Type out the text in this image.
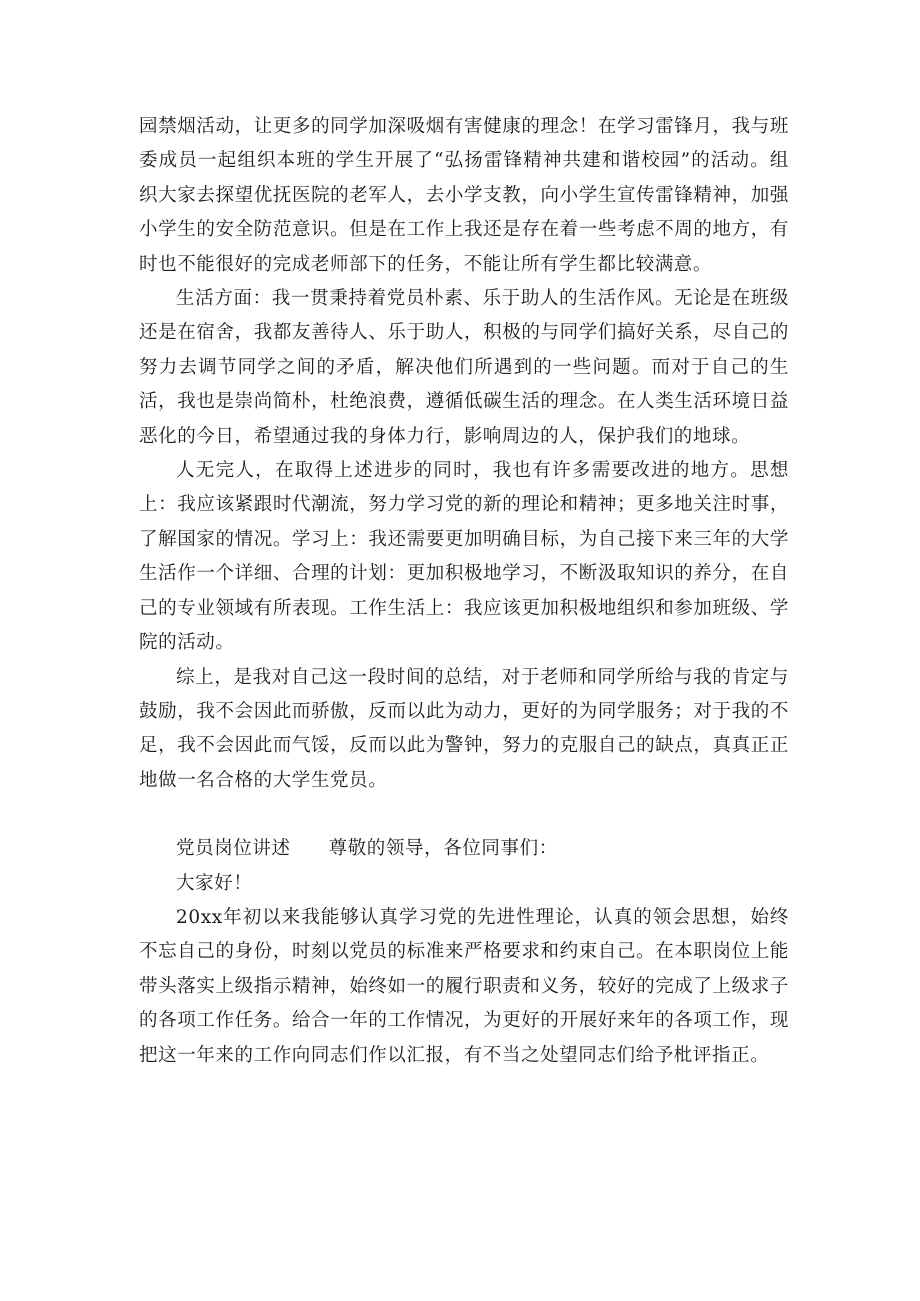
园禁烟活动，让更多的同学加深吸烟有害健康的理念！在学习雷锋月，我与班委成员一起组织本班的学生开展了“弘扬雷锋精神共建和谐校园”的活动。组织大家去探望优抚医院的老军人，去小学支教，向小学生宣传雷锋精神，加强小学生的安全防范意识。但是在工作上我还是存在着一些考虑不周的地方，有时也不能很好的完成老师部下的任务，不能让所有学生都比较满意。

生活方面：我一贯秉持着党员朴素、乐于助人的生活作风。无论是在班级还是在宿舍，我都友善待人、乐于助人，积极的与同学们搞好关系，尽自己的努力去调节同学之间的矛盾，解决他们所遇到的一些问题。而对于自己的生活，我也是崇尚简朴，杜绝浪费，遵循低碳生活的理念。在人类生活环境日益恶化的今日，希望通过我的身体力行，影响周边的人，保护我们的地球。

人无完人，在取得上述进步的同时，我也有许多需要改进的地方。思想上：我应该紧跟时代潮流，努力学习党的新的理论和精神；更多地关注时事，了解国家的情况。学习上：我还需要更加明确目标，为自己接下来三年的大学生活作一个详细、合理的计划：更加积极地学习，不断汲取知识的养分，在自己的专业领域有所表现。工作生活上：我应该更加积极地组织和参加班级、学院的活动。

综上，是我对自己这一段时间的总结，对于老师和同学所给与我的肯定与鼓励，我不会因此而骄傲，反而以此为动力，更好的为同学服务；对于我的不足，我不会因此而气馁，反而以此为警钟，努力的克服自己的缺点，真真正正地做一名合格的大学生党员。

党员岗位讲述 尊敬的领导，各位同事们：

大家好！

20xx年初以来我能够认真学习党的先进性理论，认真的领会思想，始终不忘自己的身份，时刻以党员的标准来严格要求和约束自己。在本职岗位上能带头落实上级指示精神，始终如一的履行职责和义务，较好的完成了上级求子的各项工作任务。给合一年的工作情况，为更好的开展好来年的各项工作，现把这一年来的工作向同志们作以汇报，有不当之处望同志们给予枇评指正。
